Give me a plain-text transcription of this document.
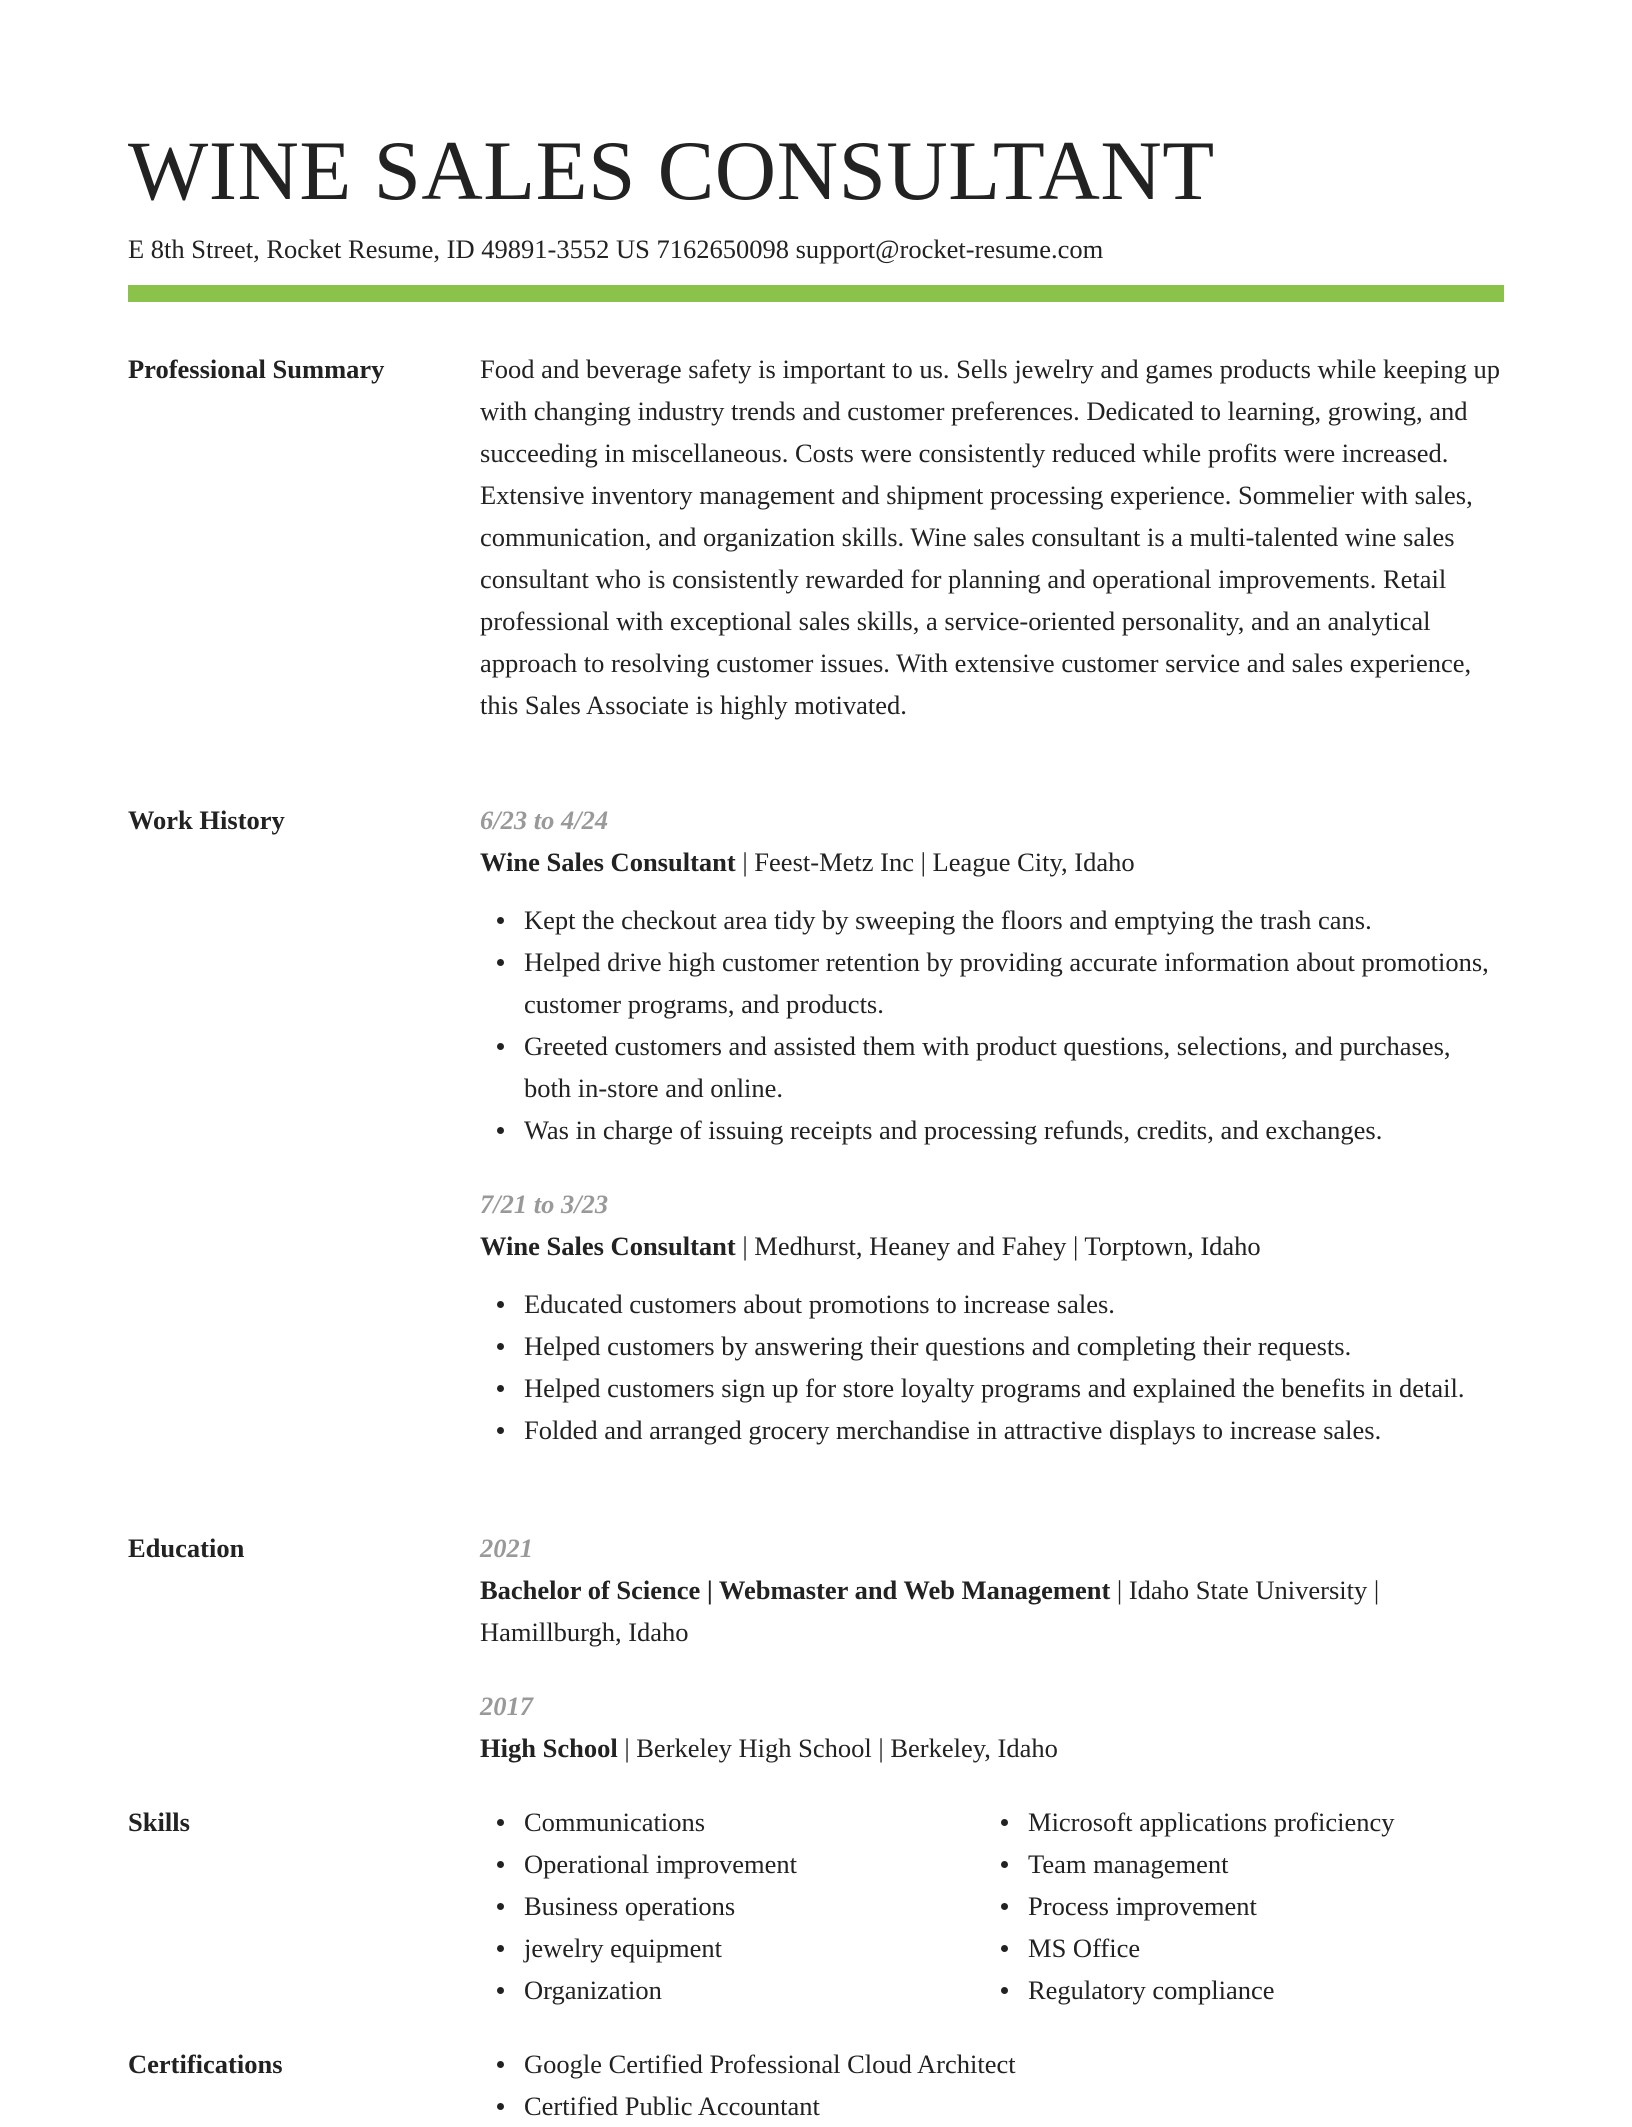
WINE SALES CONSULTANT
E 8th Street, Rocket Resume, ID 49891-3552 US 7162650098 support@rocket-resume.com
Professional Summary	Food and beverage safety is important to us. Sells jewelry and games products while keeping up with changing industry trends and customer preferences. Dedicated to learning, growing, and succeeding in miscellaneous. Costs were consistently reduced while profits were increased. Extensive inventory management and shipment processing experience. Sommelier with sales, communication, and organization skills. Wine sales consultant is a multi-talented wine sales consultant who is consistently rewarded for planning and operational improvements. Retail professional with exceptional sales skills, a service-oriented personality, and an analytical approach to resolving customer issues. With extensive customer service and sales experience, this Sales Associate is highly motivated.

Work History	6/23 to 4/24
Wine Sales Consultant | Feest-Metz Inc | League City, Idaho
Kept the checkout area tidy by sweeping the floors and emptying the trash cans.
Helped drive high customer retention by providing accurate information about promotions, customer programs, and products.
Greeted customers and assisted them with product questions, selections, and purchases, both in-store and online.
Was in charge of issuing receipts and processing refunds, credits, and exchanges.
7/21 to 3/23
Wine Sales Consultant | Medhurst, Heaney and Fahey | Torptown, Idaho
Educated customers about promotions to increase sales.
Helped customers by answering their questions and completing their requests.
Helped customers sign up for store loyalty programs and explained the benefits in detail.
Folded and arranged grocery merchandise in attractive displays to increase sales.
Education	2021
Bachelor of Science | Webmaster and Web Management | Idaho State University | Hamillburgh, Idaho
2017
High School | Berkeley High School | Berkeley, Idaho
Skills	Communications
Operational improvement
Business operations
jewelry equipment
Organization
Microsoft applications proficiency
Team management
Process improvement
MS Office
Regulatory compliance
Certifications	Google Certified Professional Cloud Architect
Certified Public Accountant
